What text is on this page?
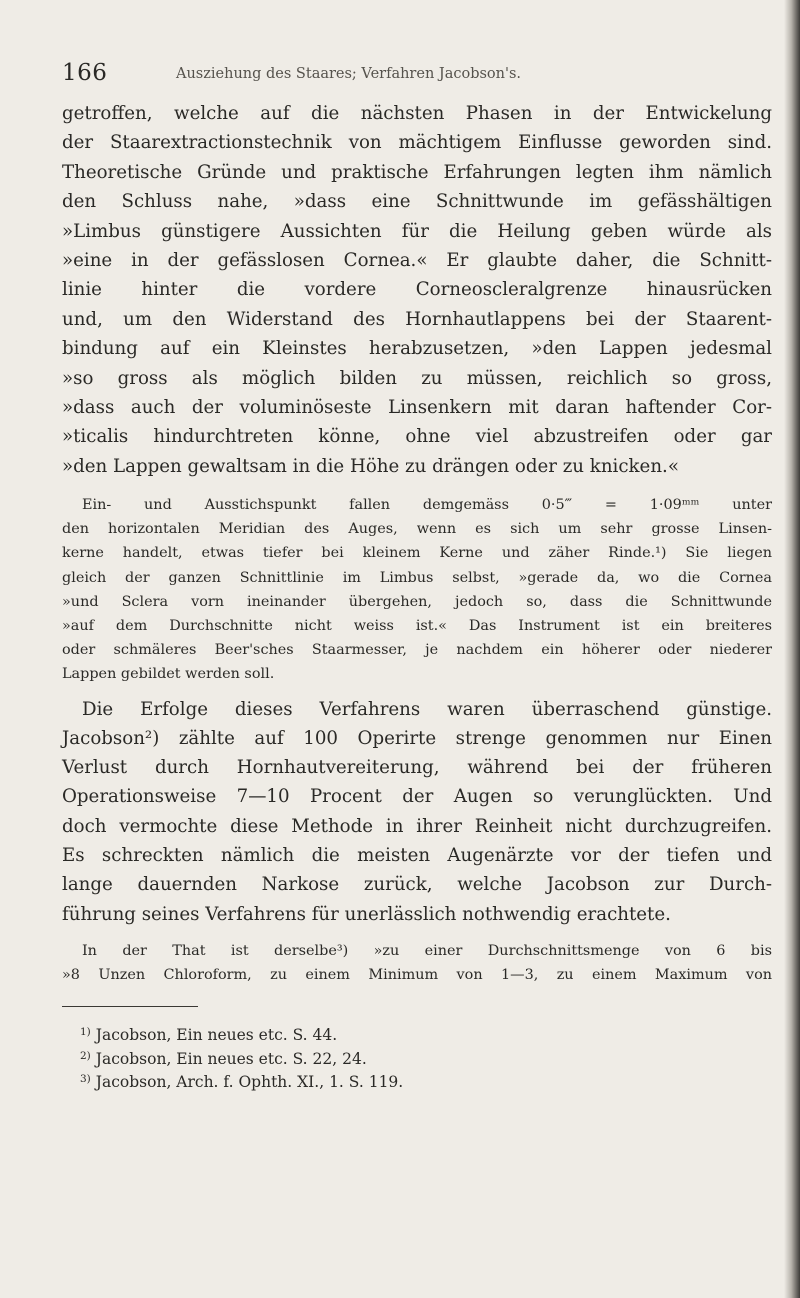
166	Ausziehung des Staares; Verfahren Jacobson's.
getroffen, welche auf die nächsten Phasen in der Entwickelung
der Staarextractionstechnik von mächtigem Einflusse geworden sind.
Theoretische Gründe und praktische Erfahrungen legten ihm nämlich
den Schluss nahe, »dass eine Schnittwunde im gefässhältigen
»Limbus günstigere Aussichten für die Heilung geben würde als
»eine in der gefässlosen Cornea.« Er glaubte daher, die Schnitt-
linie hinter die vordere Corneoscleralgrenze hinausrücken
und, um den Widerstand des Hornhautlappens bei der Staarent-
bindung auf ein Kleinstes herabzusetzen, »den Lappen jedesmal
»so gross als möglich bilden zu müssen, reichlich so gross,
»dass auch der voluminöseste Linsenkern mit daran haftender Cor-
»ticalis hindurchtreten könne, ohne viel abzustreifen oder gar
»den Lappen gewaltsam in die Höhe zu drängen oder zu knicken.«
Ein- und Ausstichspunkt fallen demgemäss 0·5‴ = 1·09ᵐᵐ unter
den horizontalen Meridian des Auges, wenn es sich um sehr grosse Linsen-
kerne handelt, etwas tiefer bei kleinem Kerne und zäher Rinde.¹) Sie liegen
gleich der ganzen Schnittlinie im Limbus selbst, »gerade da, wo die Cornea
»und Sclera vorn ineinander übergehen, jedoch so, dass die Schnittwunde
»auf dem Durchschnitte nicht weiss ist.« Das Instrument ist ein breiteres
oder schmäleres Beer'sches Staarmesser, je nachdem ein höherer oder niederer
Lappen gebildet werden soll.
Die Erfolge dieses Verfahrens waren überraschend günstige.
Jacobson²) zählte auf 100 Operirte strenge genommen nur Einen
Verlust durch Hornhautvereiterung, während bei der früheren
Operationsweise 7—10 Procent der Augen so verunglückten. Und
doch vermochte diese Methode in ihrer Reinheit nicht durchzugreifen.
Es schreckten nämlich die meisten Augenärzte vor der tiefen und
lange dauernden Narkose zurück, welche Jacobson zur Durch-
führung seines Verfahrens für unerlässlich nothwendig erachtete.
In der That ist derselbe³) »zu einer Durchschnittsmenge von 6 bis
»8 Unzen Chloroform, zu einem Minimum von 1—3, zu einem Maximum von
$^{1)}$ Jacobson, Ein neues etc. S. 44.
$^{2)}$ Jacobson, Ein neues etc. S. 22, 24.
$^{3)}$ Jacobson, Arch. f. Ophth. XI., 1. S. 119.
